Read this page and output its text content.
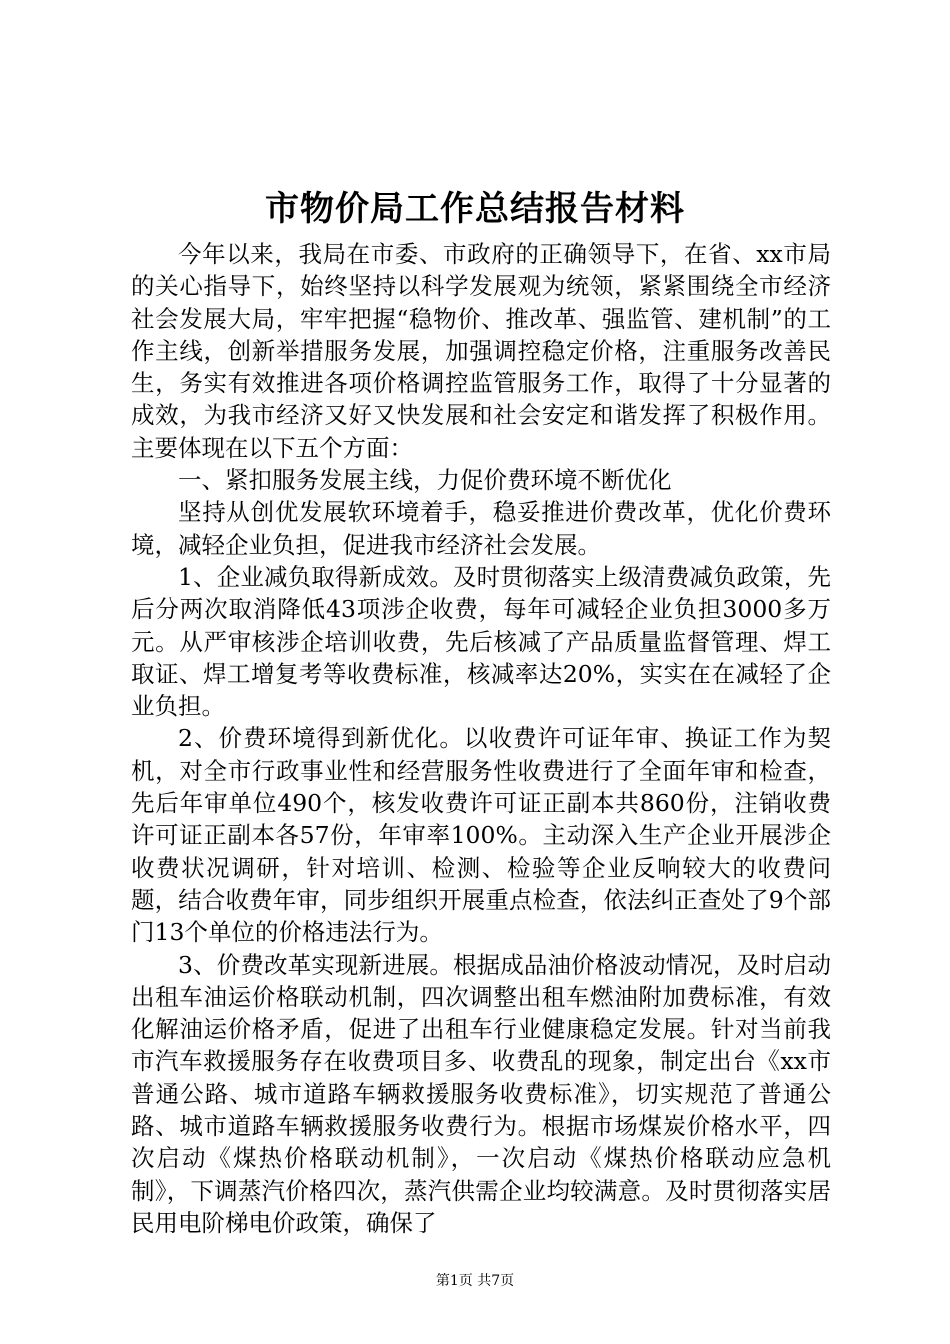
市物价局工作总结报告材料

今年以来，我局在市委、市政府的正确领导下，在省、xx市局的关心指导下，始终坚持以科学发展观为统领，紧紧围绕全市经济社会发展大局，牢牢把握“稳物价、推改革、强监管、建机制”的工作主线，创新举措服务发展，加强调控稳定价格，注重服务改善民生，务实有效推进各项价格调控监管服务工作，取得了十分显著的成效，为我市经济又好又快发展和社会安定和谐发挥了积极作用。主要体现在以下五个方面：

一、紧扣服务发展主线，力促价费环境不断优化

坚持从创优发展软环境着手，稳妥推进价费改革，优化价费环境，减轻企业负担，促进我市经济社会发展。

1、企业减负取得新成效。及时贯彻落实上级清费减负政策，先后分两次取消降低43项涉企收费，每年可减轻企业负担3000多万元。从严审核涉企培训收费，先后核减了产品质量监督管理、焊工取证、焊工增复考等收费标准，核减率达20%，实实在在减轻了企业负担。

2、价费环境得到新优化。以收费许可证年审、换证工作为契机，对全市行政事业性和经营服务性收费进行了全面年审和检查，先后年审单位490个，核发收费许可证正副本共860份，注销收费许可证正副本各57份，年审率100%。主动深入生产企业开展涉企收费状况调研，针对培训、检测、检验等企业反响较大的收费问题，结合收费年审，同步组织开展重点检查，依法纠正查处了9个部门13个单位的价格违法行为。

3、价费改革实现新进展。根据成品油价格波动情况，及时启动出租车油运价格联动机制，四次调整出租车燃油附加费标准，有效化解油运价格矛盾，促进了出租车行业健康稳定发展。针对当前我市汽车救援服务存在收费项目多、收费乱的现象，制定出台《xx市普通公路、城市道路车辆救援服务收费标准》，切实规范了普通公路、城市道路车辆救援服务收费行为。根据市场煤炭价格水平，四次启动《煤热价格联动机制》，一次启动《煤热价格联动应急机制》，下调蒸汽价格四次，蒸汽供需企业均较满意。及时贯彻落实居民用电阶梯电价政策，确保了

第1页 共7页
